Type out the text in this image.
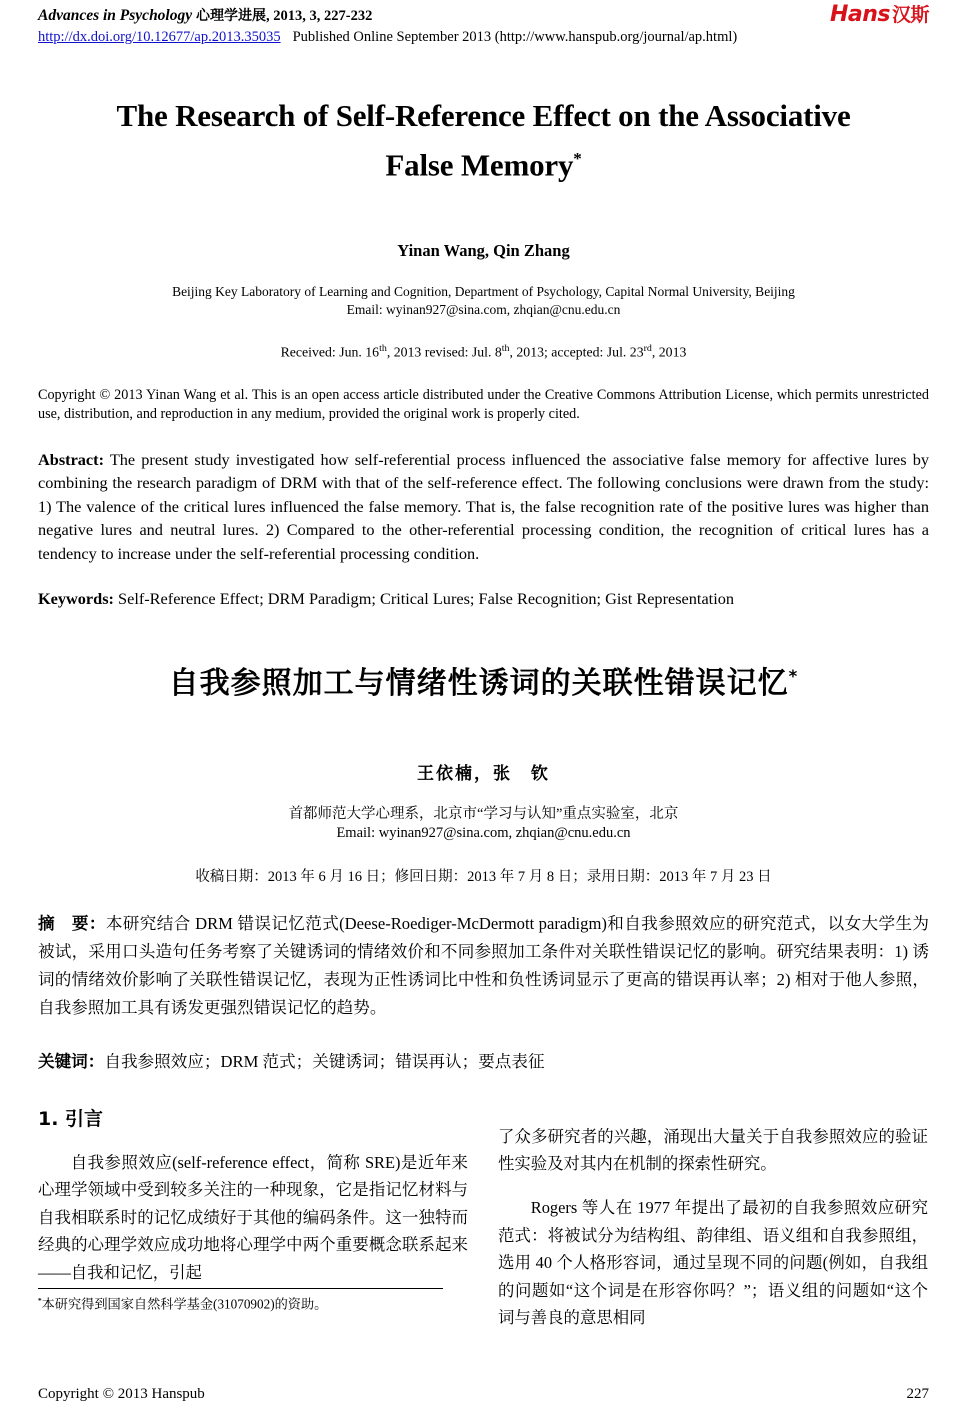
Advances in Psychology 心理学进展, 2013, 3, 227-232
http://dx.doi.org/10.12677/ap.2013.35035 Published Online September 2013 (http://www.hanspub.org/journal/ap.html)
Hans 汉斯
The Research of Self-Reference Effect on the Associative
False Memory*
Yinan Wang, Qin Zhang
Beijing Key Laboratory of Learning and Cognition, Department of Psychology, Capital Normal University, Beijing
Email: wyinan927@sina.com, zhqian@cnu.edu.cn
Received: Jun. 16th, 2013 revised: Jul. 8th, 2013; accepted: Jul. 23rd, 2013
Copyright © 2013 Yinan Wang et al. This is an open access article distributed under the Creative Commons Attribution License, which permits unrestricted use, distribution, and reproduction in any medium, provided the original work is properly cited.
Abstract: The present study investigated how self-referential process influenced the associative false memory for affective lures by combining the research paradigm of DRM with that of the self-reference effect. The following conclusions were drawn from the study: 1) The valence of the critical lures influenced the false memory. That is, the false recognition rate of the positive lures was higher than negative lures and neutral lures. 2) Compared to the other-referential processing condition, the recognition of critical lures has a tendency to increase under the self-referential processing condition.
Keywords: Self-Reference Effect; DRM Paradigm; Critical Lures; False Recognition; Gist Representation
自我参照加工与情绪性诱词的关联性错误记忆*
王依楠，张　钦
首都师范大学心理系，北京市“学习与认知”重点实验室，北京
Email: wyinan927@sina.com, zhqian@cnu.edu.cn
收稿日期：2013 年 6 月 16 日；修回日期：2013 年 7 月 8 日；录用日期：2013 年 7 月 23 日
摘　要：本研究结合 DRM 错误记忆范式(Deese-Roediger-McDermott paradigm)和自我参照效应的研究范式，以女大学生为被试，采用口头造句任务考察了关键诱词的情绪效价和不同参照加工条件对关联性错误记忆的影响。研究结果表明：1) 诱词的情绪效价影响了关联性错误记忆，表现为正性诱词比中性和负性诱词显示了更高的错误再认率；2) 相对于他人参照，自我参照加工具有诱发更强烈错误记忆的趋势。
关键词：自我参照效应；DRM 范式；关键诱词；错误再认；要点表征
1. 引言

自我参照效应(self-reference effect，简称 SRE)是近年来心理学领域中受到较多关注的一种现象，它是指记忆材料与自我相联系时的记忆成绩好于其他的编码条件。这一独特而经典的心理学效应成功地将心理学中两个重要概念联系起来——自我和记忆，引起

*本研究得到国家自然科学基金(31070902)的资助。

了众多研究者的兴趣，涌现出大量关于自我参照效应的验证性实验及对其内在机制的探索性研究。

Rogers 等人在 1977 年提出了最初的自我参照效应研究范式：将被试分为结构组、韵律组、语义组和自我参照组，选用 40 个人格形容词，通过呈现不同的问题(例如，自我组的问题如“这个词是在形容你吗？”；语义组的问题如“这个词与善良的意思相同

Copyright © 2013 Hanspub	227
